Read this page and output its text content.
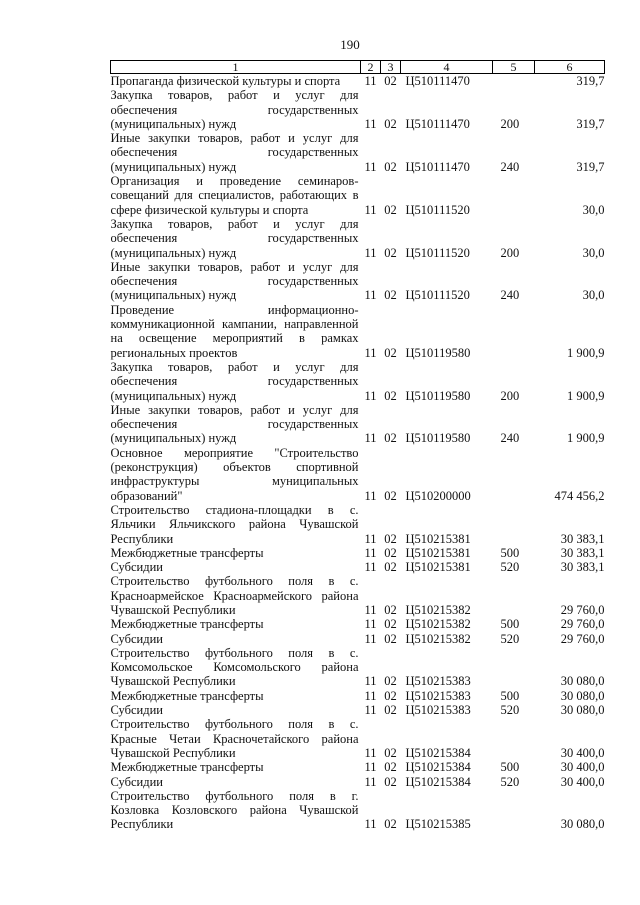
190
1	2	3	4	5	6
Пропаганда физической культуры и спорта	11	02	Ц510111470		319,7
Закупка товаров, работ и услуг для обеспечения государственных (муниципальных) нужд	11	02	Ц510111470	200	319,7
Иные закупки товаров, работ и услуг для обеспечения государственных (муниципальных) нужд	11	02	Ц510111470	240	319,7
Организация и проведение семинаров-совещаний для специалистов, работающих в сфере физической культуры и спорта	11	02	Ц510111520		30,0
Закупка товаров, работ и услуг для обеспечения государственных (муниципальных) нужд	11	02	Ц510111520	200	30,0
Иные закупки товаров, работ и услуг для обеспечения государственных (муниципальных) нужд	11	02	Ц510111520	240	30,0
Проведение информационно-коммуникационной кампании, направленной на освещение мероприятий в рамках региональных проектов	11	02	Ц510119580		1 900,9
Закупка товаров, работ и услуг для обеспечения государственных (муниципальных) нужд	11	02	Ц510119580	200	1 900,9
Иные закупки товаров, работ и услуг для обеспечения государственных (муниципальных) нужд	11	02	Ц510119580	240	1 900,9
Основное мероприятие "Строительство (реконструкция) объектов спортивной инфраструктуры муниципальных образований"	11	02	Ц510200000		474 456,2
Строительство стадиона-площадки в с. Яльчики Яльчикского района Чувашской Республики	11	02	Ц510215381		30 383,1
Межбюджетные трансферты	11	02	Ц510215381	500	30 383,1
Субсидии	11	02	Ц510215381	520	30 383,1
Строительство футбольного поля в с. Красноармейское Красноармейского района Чувашской Республики	11	02	Ц510215382		29 760,0
Межбюджетные трансферты	11	02	Ц510215382	500	29 760,0
Субсидии	11	02	Ц510215382	520	29 760,0
Строительство футбольного поля в с. Комсомольское Комсомольского района Чувашской Республики	11	02	Ц510215383		30 080,0
Межбюджетные трансферты	11	02	Ц510215383	500	30 080,0
Субсидии	11	02	Ц510215383	520	30 080,0
Строительство футбольного поля в с. Красные Четаи Красночетайского района Чувашской Республики	11	02	Ц510215384		30 400,0
Межбюджетные трансферты	11	02	Ц510215384	500	30 400,0
Субсидии	11	02	Ц510215384	520	30 400,0
Строительство футбольного поля в г. Козловка Козловского района Чувашской Республики	11	02	Ц510215385		30 080,0
